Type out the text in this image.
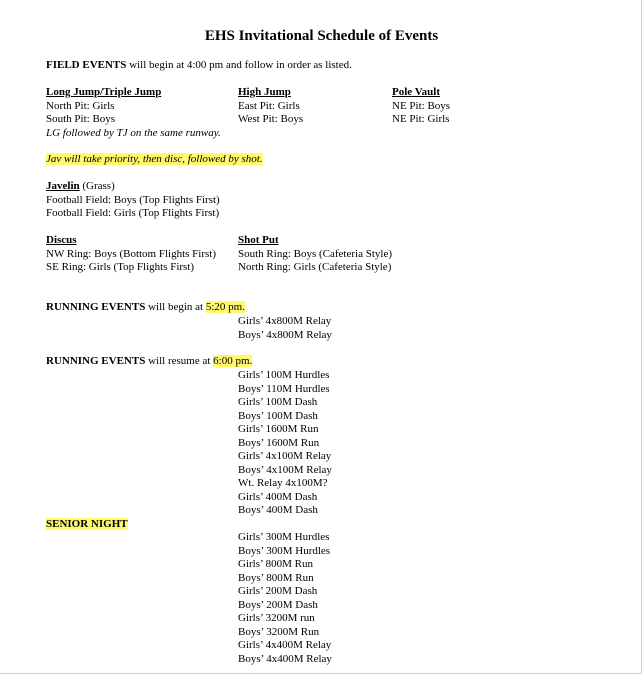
EHS Invitational Schedule of Events
FIELD EVENTS will begin at 4:00 pm and follow in order as listed.
Long Jump/Triple Jump
North Pit: Girls
South Pit: Boys
LG followed by TJ on the same runway.
High Jump
East Pit: Girls
West Pit: Boys
Pole Vault
NE Pit: Boys
NE Pit: Girls
Jav will take priority, then disc, followed by shot.
Javelin (Grass)
Football Field: Boys (Top Flights First)
Football Field: Girls (Top Flights First)
Discus
NW Ring: Boys (Bottom Flights First)
SE Ring: Girls (Top Flights First)
Shot Put
South Ring: Boys (Cafeteria Style)
North Ring: Girls (Cafeteria Style)
RUNNING EVENTS will begin at 5:20 pm.
Girls’ 4x800M Relay
Boys’ 4x800M Relay
RUNNING EVENTS will resume at 6:00 pm.
Girls’ 100M Hurdles
Boys’ 110M Hurdles
Girls’ 100M Dash
Boys’ 100M Dash
Girls’ 1600M Run
Boys’ 1600M Run
Girls’ 4x100M Relay
Boys’ 4x100M Relay
Wt. Relay 4x100M?
Girls’ 400M Dash
Boys’ 400M Dash
SENIOR NIGHT
Girls’ 300M Hurdles
Boys’ 300M Hurdles
Girls’ 800M Run
Boys’ 800M Run
Girls’ 200M Dash
Boys’ 200M Dash
Girls’ 3200M run
Boys’ 3200M Run
Girls’ 4x400M Relay
Boys’ 4x400M Relay
